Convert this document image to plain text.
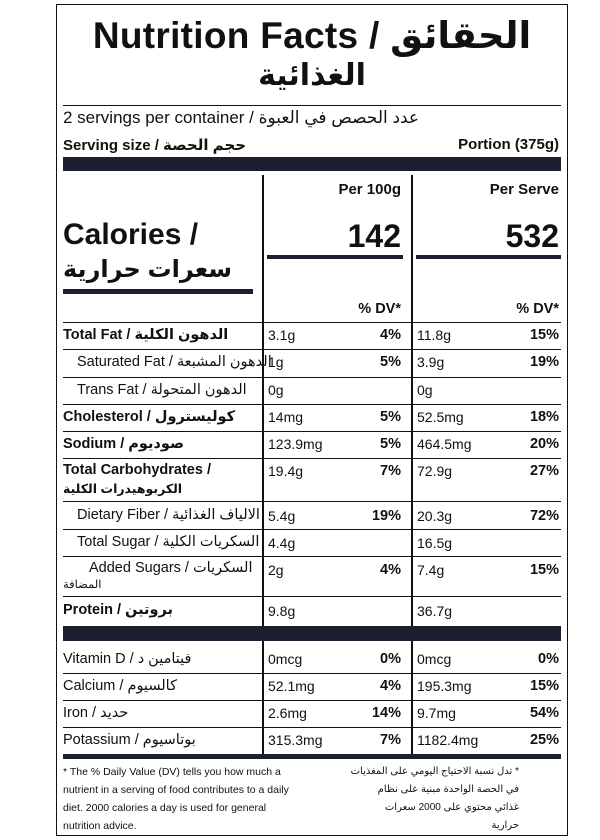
Nutrition Facts / الحقائق
الغذائية
2 servings per container / عدد الحصص في العبوة
Serving size / حجم الحصة	Portion (375g)
Per 100g	Per Serve
Calories /
سعرات حرارية
142	532
% DV*	% DV*
Total Fat / الدهون الكلية	3.1g	4% 11.8g	15%
Saturated Fat / الدهون المشبعة
1g	5% 3.9g	19%
Trans Fat / الدهون المتحولة 0g	0g
Cholesterol / كوليسترول 14mg	5% 52.5mg	18%
Sodium / صوديوم	123.9mg	5% 464.5mg	20%
Total Carbohydrates /
الكربوهيدرات الكلية
19.4g	7% 72.9g	27%
Dietary Fiber / الالياف الغذائية 5.4g	19% 20.3g	72%
Total Sugar / السكريات الكلية 4.4g	16.5g
Added Sugars / السكريات
المضافة
2g	4% 7.4g	15%
Protein / بروتين	9.8g	36.7g
Vitamin D / فيتامين د	0mcg	0% 0mcg	0%
Calcium / كالسيوم	52.1mg	4% 195.3mg	15%
Iron / حديد	2.6mg	14% 9.7mg	54%
Potassium / بوتاسيوم	315.3mg	7% 1182.4mg	25%
* The % Daily Value (DV) tells you how much a
nutrient in a serving of food contributes to a daily
diet. 2000 calories a day is used for general
nutrition advice.
تدل نسبة الاحتياج اليومي على المغذيات *
في الحصة الواحدة مبنية على نظام
غذائي محتوي على 2000 سعرات
حرارية
